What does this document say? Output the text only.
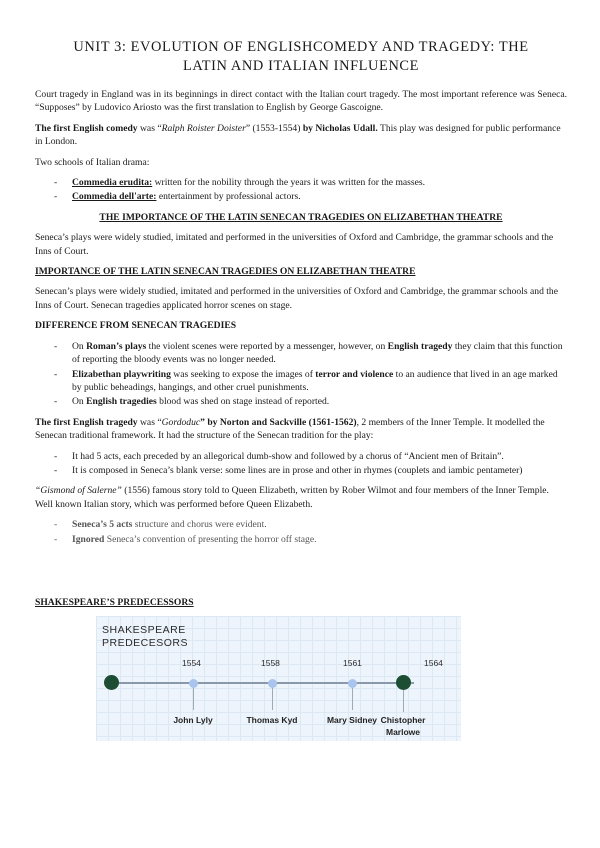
UNIT 3: EVOLUTION OF ENGLISHCOMEDY AND TRAGEDY: THE
LATIN AND ITALIAN INFLUENCE

Court tragedy in England was in its beginnings in direct contact with the Italian court tragedy. The most important reference was Seneca. “Supposes” by Ludovico Ariosto was the first translation to English by George Gascoigne.

The first English comedy was “Ralph Roister Doister” (1553-1554) by Nicholas Udall. This play was designed for public performance in London.

Two schools of Italian drama:

- Commedia erudita: written for the nobility through the years it was written for the masses.
- Commedia dell'arte: entertainment by professional actors.
THE IMPORTANCE OF THE LATIN SENECAN TRAGEDIES ON ELIZABETHAN THEATRE

Seneca’s plays were widely studied, imitated and performed in the universities of Oxford and Cambridge, the grammar schools and the Inns of Court.

IMPORTANCE OF THE LATIN SENECAN TRAGEDIES ON ELIZABETHAN THEATRE

Senecan’s plays were widely studied, imitated and performed in the universities of Oxford and Cambridge, the grammar schools and the Inns of Court. Senecan tragedies applicated horror scenes on stage.

DIFFERENCE FROM SENECAN TRAGEDIES
- On Roman’s plays the violent scenes were reported by a messenger, however, on English tragedy they claim that this function of reporting the bloody events was no longer needed.
- Elizabethan playwriting was seeking to expose the images of terror and violence to an audience that lived in an age marked by public beheadings, hangings, and other cruel punishments.
- On English tragedies blood was shed on stage instead of reported.

The first English tragedy was “Gordoduc” by Norton and Sackville (1561-1562), 2 members of the Inner Temple. It modelled the Senecan traditional framework. It had the structure of the Senecan tradition for the play:

- It had 5 acts, each preceded by an allegorical dumb-show and followed by a chorus of “Ancient men of Britain”.
- It is composed in Seneca’s blank verse: some lines are in prose and other in rhymes (couplets and iambic pentameter)

“Gismond of Salerne” (1556) famous story told to Queen Elizabeth, written by Rober Wilmot and four members of the Inner Temple. Well known Italian story, which was performed before Queen Elizabeth.

- Seneca’s 5 acts structure and chorus were evident.
- Ignored Seneca’s convention of presenting the horror off stage.
SHAKESPEARE’S PREDECESSORS
SHAKESPEARE
PREDECESORS
1554
John Lyly
1558
Thomas Kyd
1561
Mary Sidney
1564
Chistopher Marlowe
